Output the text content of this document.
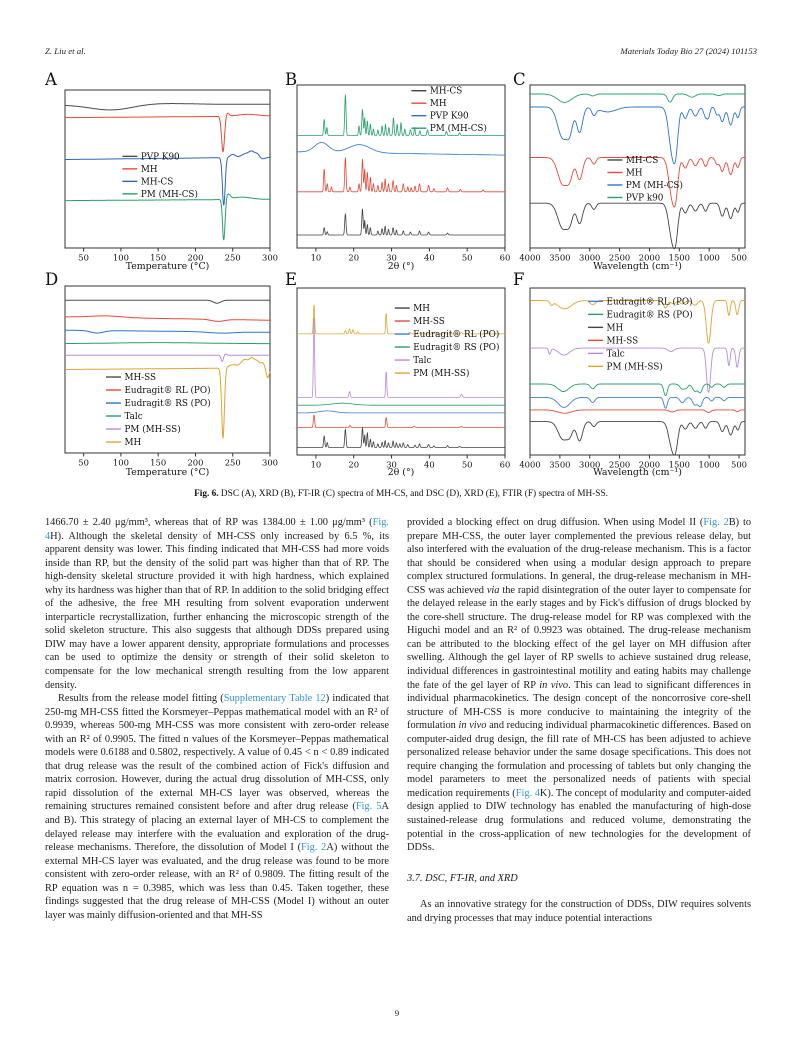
Z. Liu et al.	Materials Today Bio 27 (2024) 101153
A
50	100	150	200	250	300
Temperature (°C)
PVP K90
MH
MH-CS
PM (MH-CS)
B
10	20	30	40	50	60
2θ (°)
MH-CS
MH
PVP K90
PM (MH-CS)
C
4000 3500 3000 2500 2000 1500 1000 500
Wavelength (cm⁻¹)
MH-CS
MH
PM (MH-CS)
PVP k90
D
50	100	150	200	250	300
Temperature (°C)
MH-SS
Eudragit® RL (PO)
Eudragit® RS (PO)
Talc
PM (MH-SS)
MH
E
10	20	30	40	50	60
2θ (°)
MH
MH-SS
Eudragit® RL (PO)
Eudragit® RS (PO)
Talc
PM (MH-SS)
F
4000 3500 3000 2500 2000 1500 1000 500
Wavelength (cm⁻¹)
Eudragit® RL (PO)
Eudragit® RS (PO)
MH
MH-SS
Talc
PM (MH-SS)
Fig. 6. DSC (A), XRD (B), FT-IR (C) spectra of MH-CS, and DSC (D), XRD (E), FTIR (F) spectra of MH-SS.
1466.70 ± 2.40 μg/mm³, whereas that of RP was 1384.00 ± 1.00 μg/mm³ (Fig. 4H). Although the skeletal density of MH-CSS only increased by 6.5 %, its apparent density was lower. This finding indicated that MH-CSS had more voids inside than RP, but the density of the solid part was higher than that of RP. The high-density skeletal structure provided it with high hardness, which explained why its hardness was higher than that of RP. In addition to the solid bridging effect of the adhesive, the free MH resulting from solvent evaporation underwent interparticle recrystallization, further enhancing the microscopic strength of the solid skeleton structure. This also suggests that although DDSs prepared using DIW may have a lower apparent density, appropriate formulations and processes can be used to optimize the density or strength of their solid skeleton to compensate for the low mechanical strength resulting from the low apparent density.
Results from the release model fitting (Supplementary Table 12) indicated that 250-mg MH-CSS fitted the Korsmeyer–Peppas mathematical model with an R² of 0.9939, whereas 500-mg MH-CSS was more consistent with zero-order release with an R² of 0.9905. The fitted n values of the Korsmeyer–Peppas mathematical models were 0.6188 and 0.5802, respectively. A value of 0.45 < n < 0.89 indicated that drug release was the result of the combined action of Fick's diffusion and matrix corrosion. However, during the actual drug dissolution of MH-CSS, only rapid dissolution of the external MH-CS layer was observed, whereas the remaining structures remained consistent before and after drug release (Fig. 5A and B). This strategy of placing an external layer of MH-CS to complement the delayed release may interfere with the evaluation and exploration of the drug-release mechanisms. Therefore, the dissolution of Model I (Fig. 2A) without the external MH-CS layer was evaluated, and the drug release was found to be more consistent with zero-order release, with an R² of 0.9809. The fitting result of the RP equation was n = 0.3985, which was less than 0.45. Taken together, these findings suggested that the drug release of MH-CSS (Model I) without an outer layer was mainly diffusion-oriented and that MH-SS
provided a blocking effect on drug diffusion. When using Model II (Fig. 2B) to prepare MH-CSS, the outer layer complemented the previous release delay, but also interfered with the evaluation of the drug-release mechanism. This is a factor that should be considered when using a modular design approach to prepare complex structured formulations. In general, the drug-release mechanism in MH-CSS was achieved via the rapid disintegration of the outer layer to compensate for the delayed release in the early stages and by Fick's diffusion of drugs blocked by the core-shell structure. The drug-release model for RP was complexed with the Higuchi model and an R² of 0.9923 was obtained. The drug-release mechanism can be attributed to the blocking effect of the gel layer on MH diffusion after swelling. Although the gel layer of RP swells to achieve sustained drug release, individual differences in gastrointestinal motility and eating habits may challenge the fate of the gel layer of RP in vivo. This can lead to significant differences in individual pharmacokinetics. The design concept of the noncorrosive core-shell structure of MH-CSS is more conducive to maintaining the integrity of the formulation in vivo and reducing individual pharmacokinetic differences. Based on computer-aided drug design, the fill rate of MH-CS has been adjusted to achieve personalized release behavior under the same dosage specifications. This does not require changing the formulation and processing of tablets but only changing the model parameters to meet the personalized needs of patients with special medication requirements (Fig. 4K). The concept of modularity and computer-aided design applied to DIW technology has enabled the manufacturing of high-dose sustained-release drug formulations and reduced volume, demonstrating the potential in the cross-application of new technologies for the development of DDSs.
3.7. DSC, FT-IR, and XRD
As an innovative strategy for the construction of DDSs, DIW requires solvents and drying processes that may induce potential interactions
9
